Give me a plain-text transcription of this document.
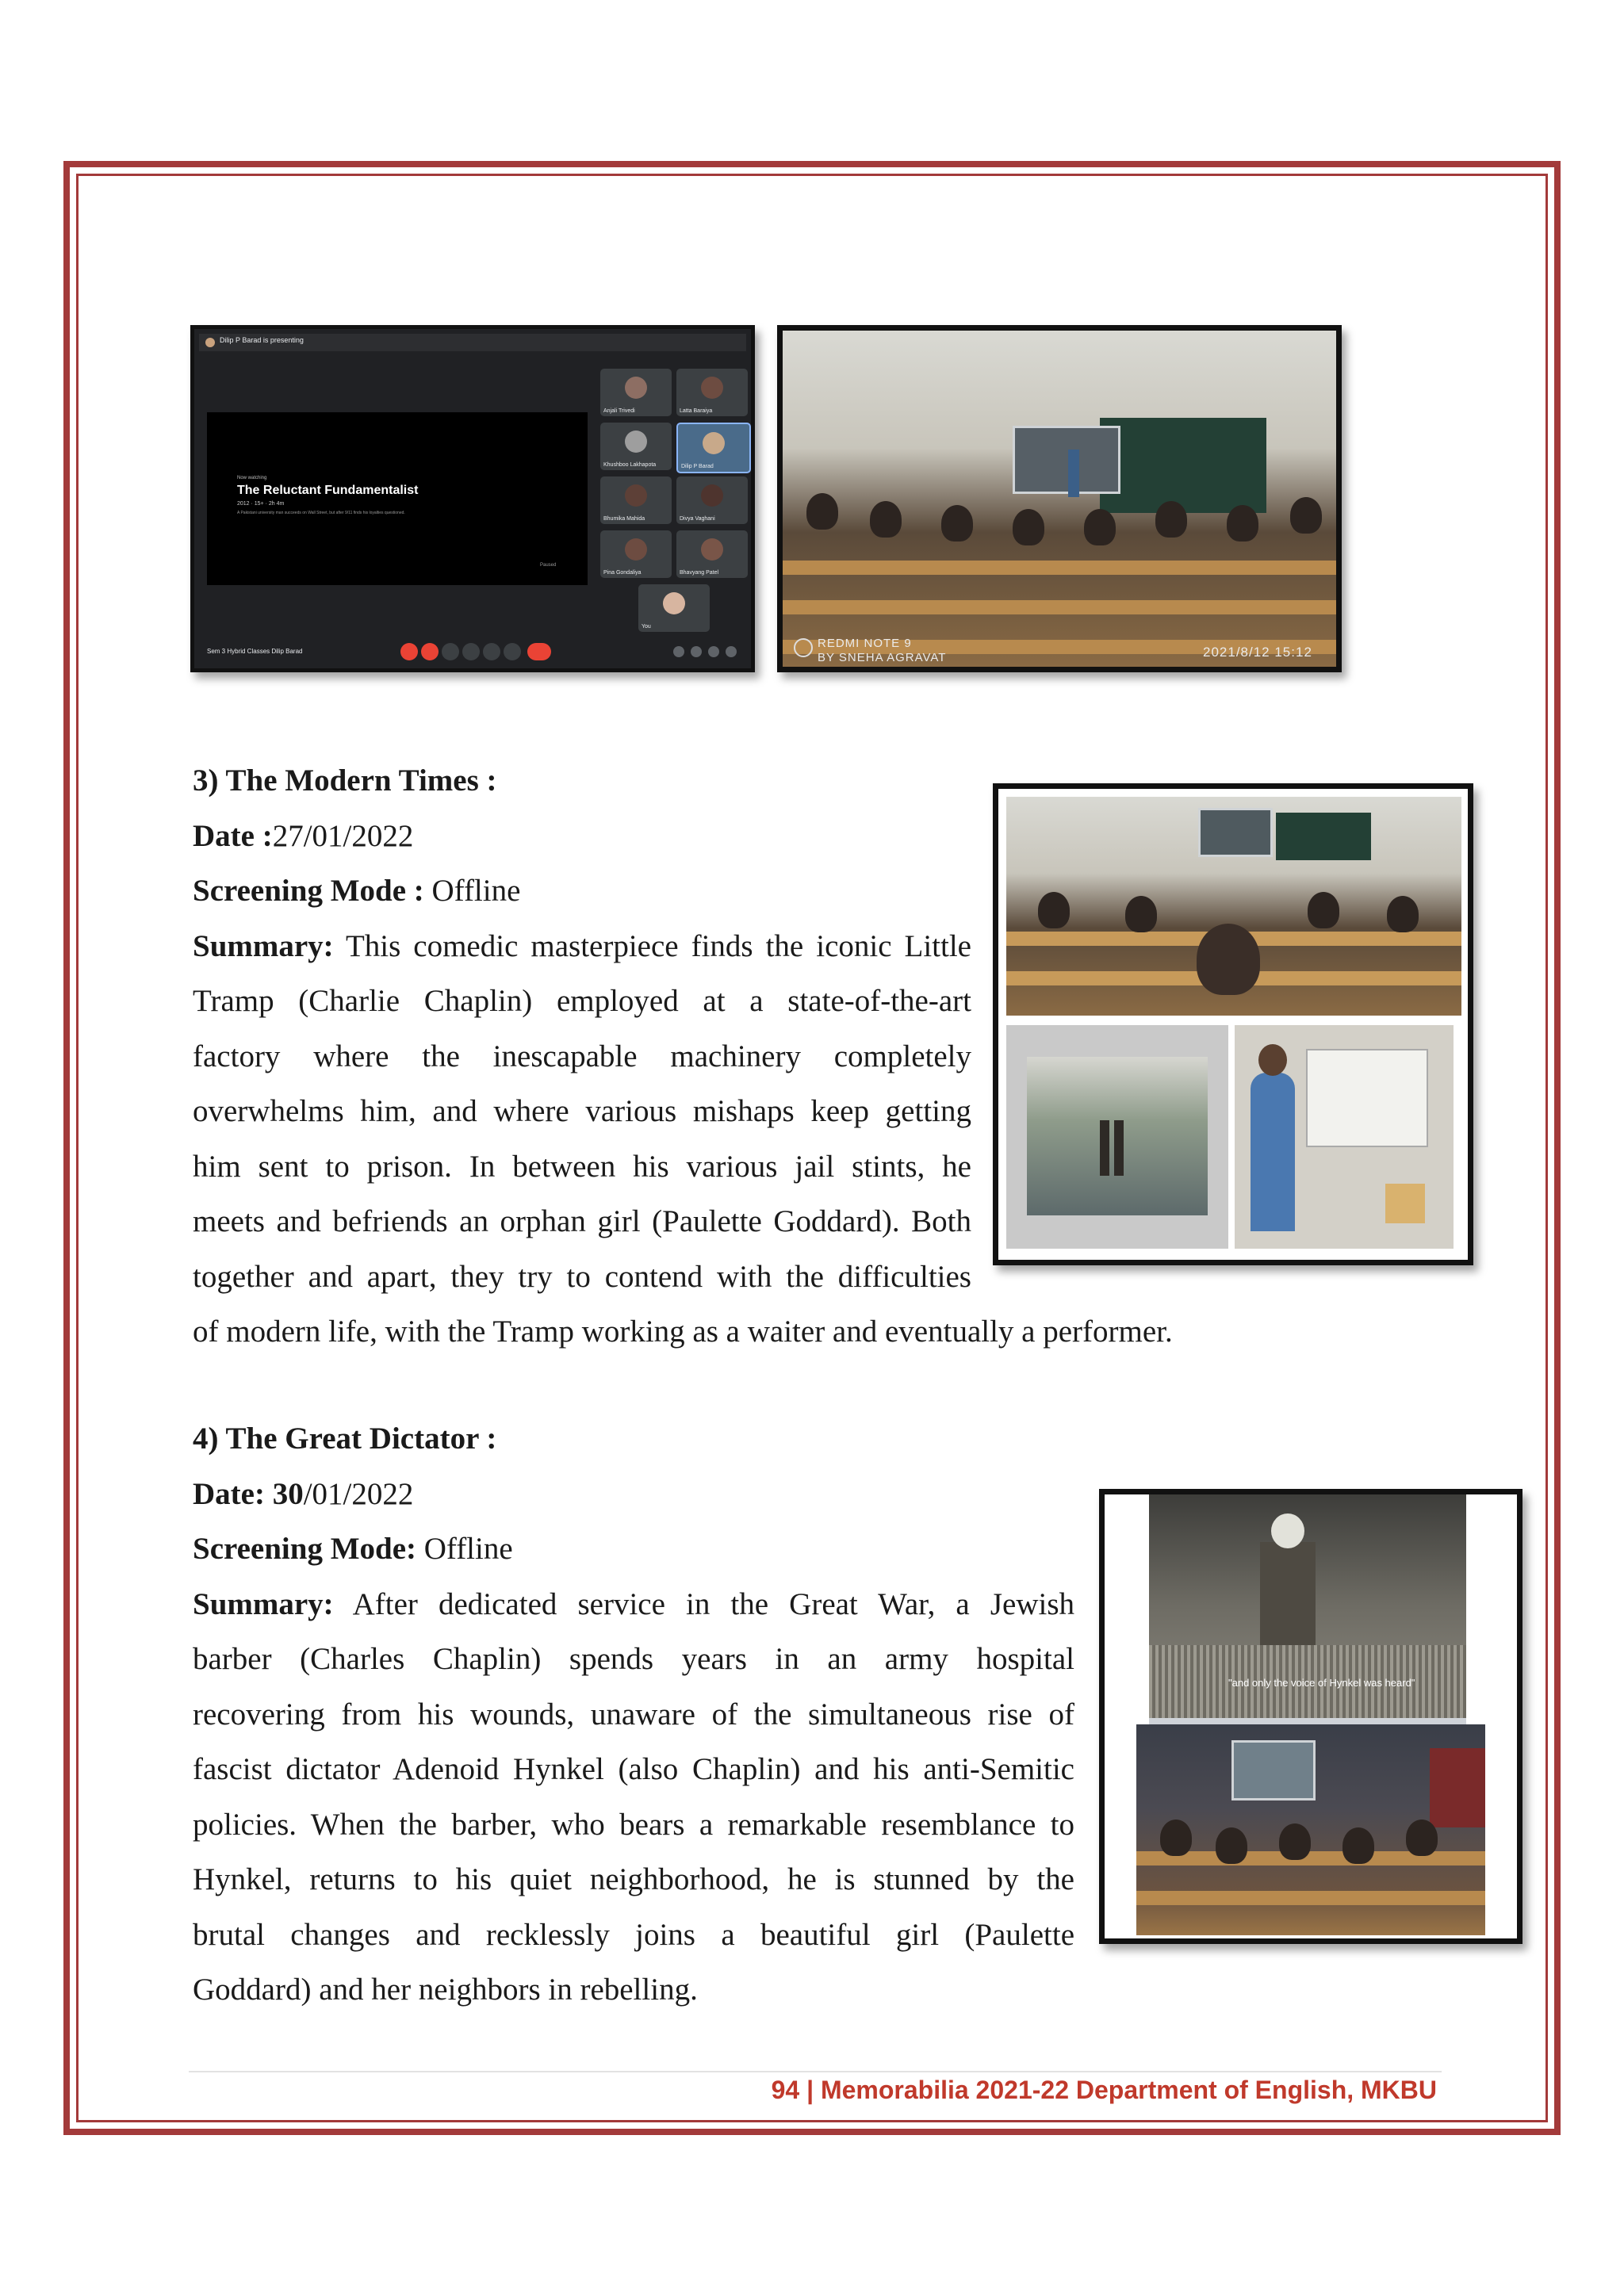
Dilip P Barad is presenting
Now watching
The Reluctant Fundamentalist
2012 · 15+ · 2h 4m
A Pakistani university man succeeds on Wall Street, but after 9/11 finds his loyalties questioned.
Paused
Anjali Trivedi	Latta Baraiya
Khushboo Lakhapota	Dilip P Barad
Bhumika Mahida	Divya Vaghani
Pina Gondaliya	Bhavyang Patel
You
Sem 3 Hybrid Classes Dilip Barad
REDMI NOTE 9
BY SNEHA AGRAVAT	2021/8/12 15:12

3) The Modern Times :

Date :27/01/2022

Screening Mode : Offline

Summary: This comedic masterpiece finds the iconic Little

Tramp (Charlie Chaplin) employed at a state-of-the-art

factory where the inescapable machinery completely

overwhelms him, and where various mishaps keep getting

him sent to prison. In between his various jail stints, he

meets and befriends an orphan girl (Paulette Goddard). Both

together and apart, they try to contend with the difficulties

of modern life, with the Tramp working as a waiter and eventually a performer.

4) The Great Dictator :

Date: 30/01/2022

Screening Mode: Offline

Summary: After dedicated service in the Great War, a Jewish

barber (Charles Chaplin) spends years in an army hospital

recovering from his wounds, unaware of the simultaneous rise of

fascist dictator Adenoid Hynkel (also Chaplin) and his anti-Semitic

policies. When the barber, who bears a remarkable resemblance to

Hynkel, returns to his quiet neighborhood, he is stunned by the

brutal changes and recklessly joins a beautiful girl (Paulette

Goddard) and her neighbors in rebelling.

"and only the voice of Hynkel was heard"
94 | Memorabilia 2021-22 Department of English, MKBU
